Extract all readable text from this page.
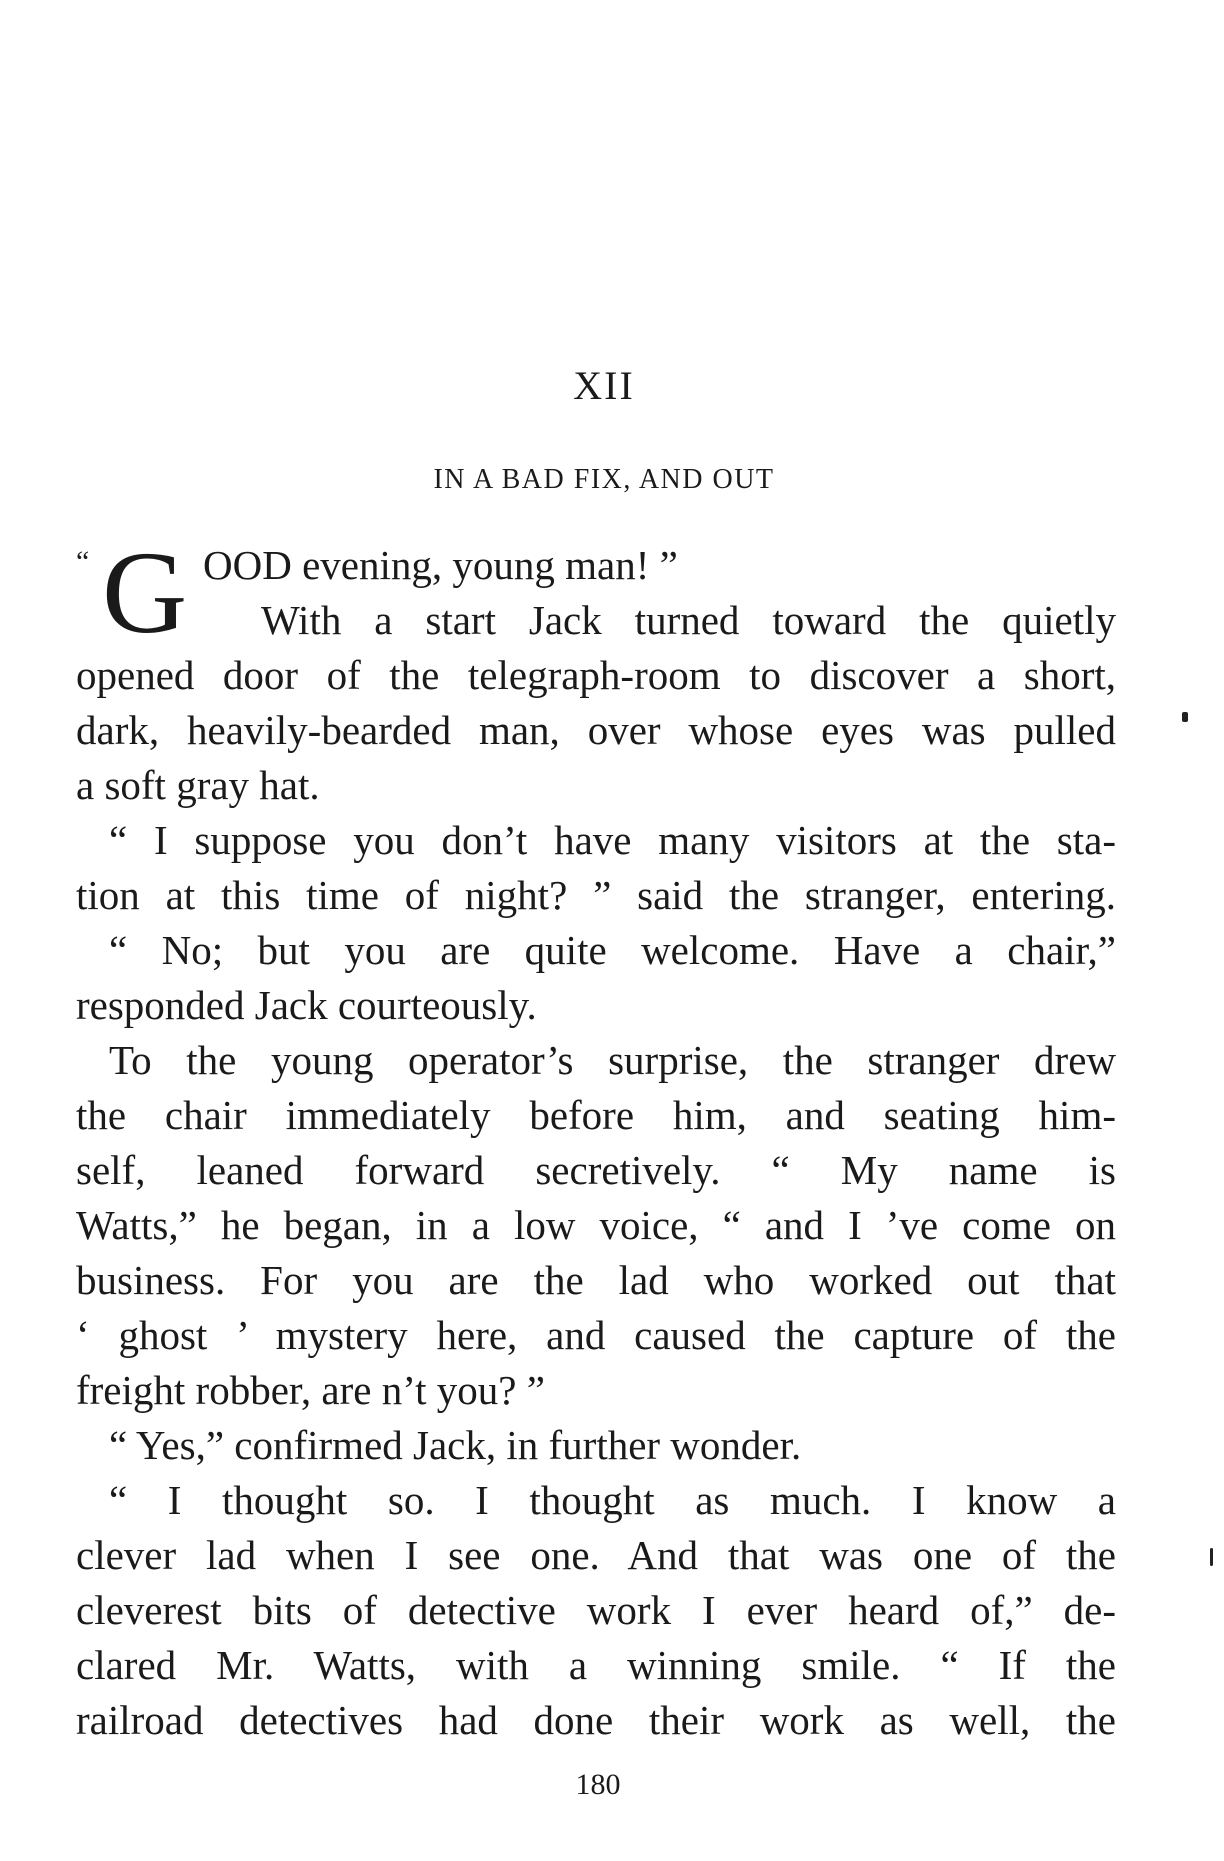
XII
IN A BAD FIX, AND OUT
“ G OOD evening, young man! ”
With a start Jack turned toward the quietly
opened door of the telegraph-room to discover a short,
dark, heavily-bearded man, over whose eyes was pulled
a soft gray hat.
“ I suppose you don’t have many visitors at the sta-
tion at this time of night? ” said the stranger, entering.
“ No; but you are quite welcome. Have a chair,”
responded Jack courteously.
To the young operator’s surprise, the stranger drew
the chair immediately before him, and seating him-
self, leaned forward secretively. “ My name is
Watts,” he began, in a low voice, “ and I ’ve come on
business. For you are the lad who worked out that
‘ ghost ’ mystery here, and caused the capture of the
freight robber, are n’t you? ”
“ Yes,” confirmed Jack, in further wonder.
“ I thought so. I thought as much. I know a
clever lad when I see one. And that was one of the
cleverest bits of detective work I ever heard of,” de-
clared Mr. Watts, with a winning smile. “ If the
railroad detectives had done their work as well, the
180
